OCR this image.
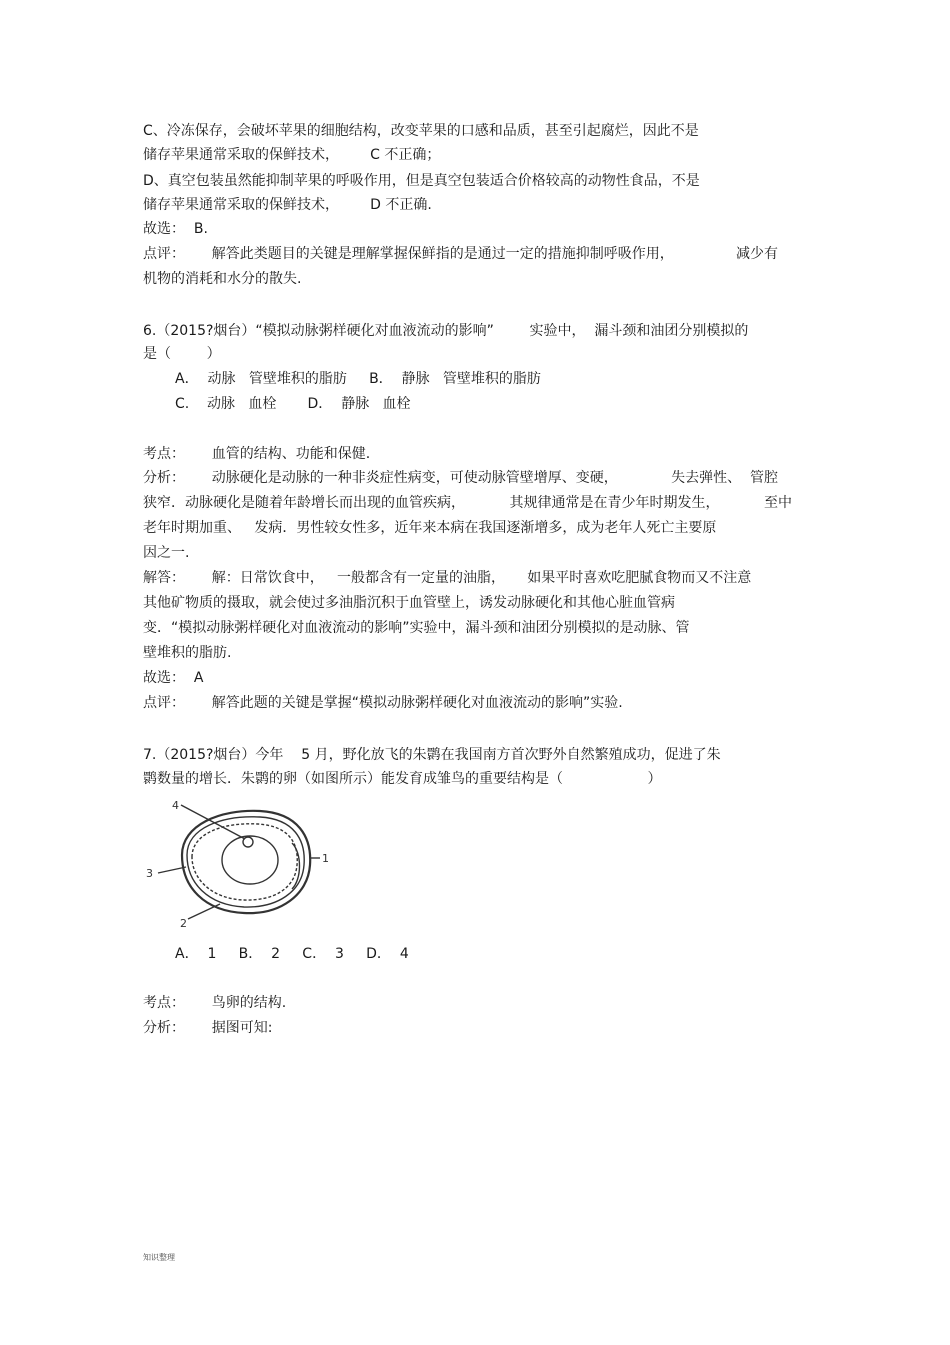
C、冷冻保存，会破坏苹果的细胞结构，改变苹果的口感和品质，甚至引起腐烂，因此不是
储存苹果通常采取的保鲜技术，       C 不正确；
D、真空包装虽然能抑制苹果的呼吸作用，但是真空包装适合价格较高的动物性食品，不是
储存苹果通常采取的保鲜技术，       D 不正确.
故选：  B.
点评：      解答此类题目的关键是理解掌握保鲜指的是通过一定的措施抑制呼吸作用，              减少有
机物的消耗和水分的散失.
6.（2015?烟台）“模拟动脉粥样硬化对血液流动的影响”        实验中，  漏斗颈和油团分别模拟的
是（        ）
A．  动脉   管壁堆积的脂肪     B．  静脉   管壁堆积的脂肪
C.    动脉   血栓       D．  静脉   血栓
考点：      血管的结构、功能和保健.
分析：      动脉硬化是动脉的一种非炎症性病变，可使动脉管壁增厚、变硬，            失去弹性、  管腔
狭窄．动脉硬化是随着年龄增长而出现的血管疾病，          其规律通常是在青少年时期发生，          至中
老年时期加重、   发病．男性较女性多，近年来本病在我国逐渐增多，成为老年人死亡主要原
因之一.
解答：      解：日常饮食中，   一般都含有一定量的油脂，     如果平时喜欢吃肥腻食物而又不注意
其他矿物质的摄取，就会使过多油脂沉积于血管壁上，诱发动脉硬化和其他心脏血管病
变．“模拟动脉粥样硬化对血液流动的影响”实验中，漏斗颈和油团分别模拟的是动脉、管
壁堆积的脂肪.
故选：  A
点评：      解答此题的关键是掌握“模拟动脉粥样硬化对血液流动的影响”实验.
7.（2015?烟台）今年    5 月，野化放飞的朱鹮在我国南方首次野外自然繁殖成功，促进了朱
鹮数量的增长．朱鹮的卵（如图所示）能发育成雏鸟的重要结构是（                   ）
4
1
3
2
A．  1     B．  2     C．  3     D．  4
考点：      鸟卵的结构.
分析：      据图可知:
知识整理
